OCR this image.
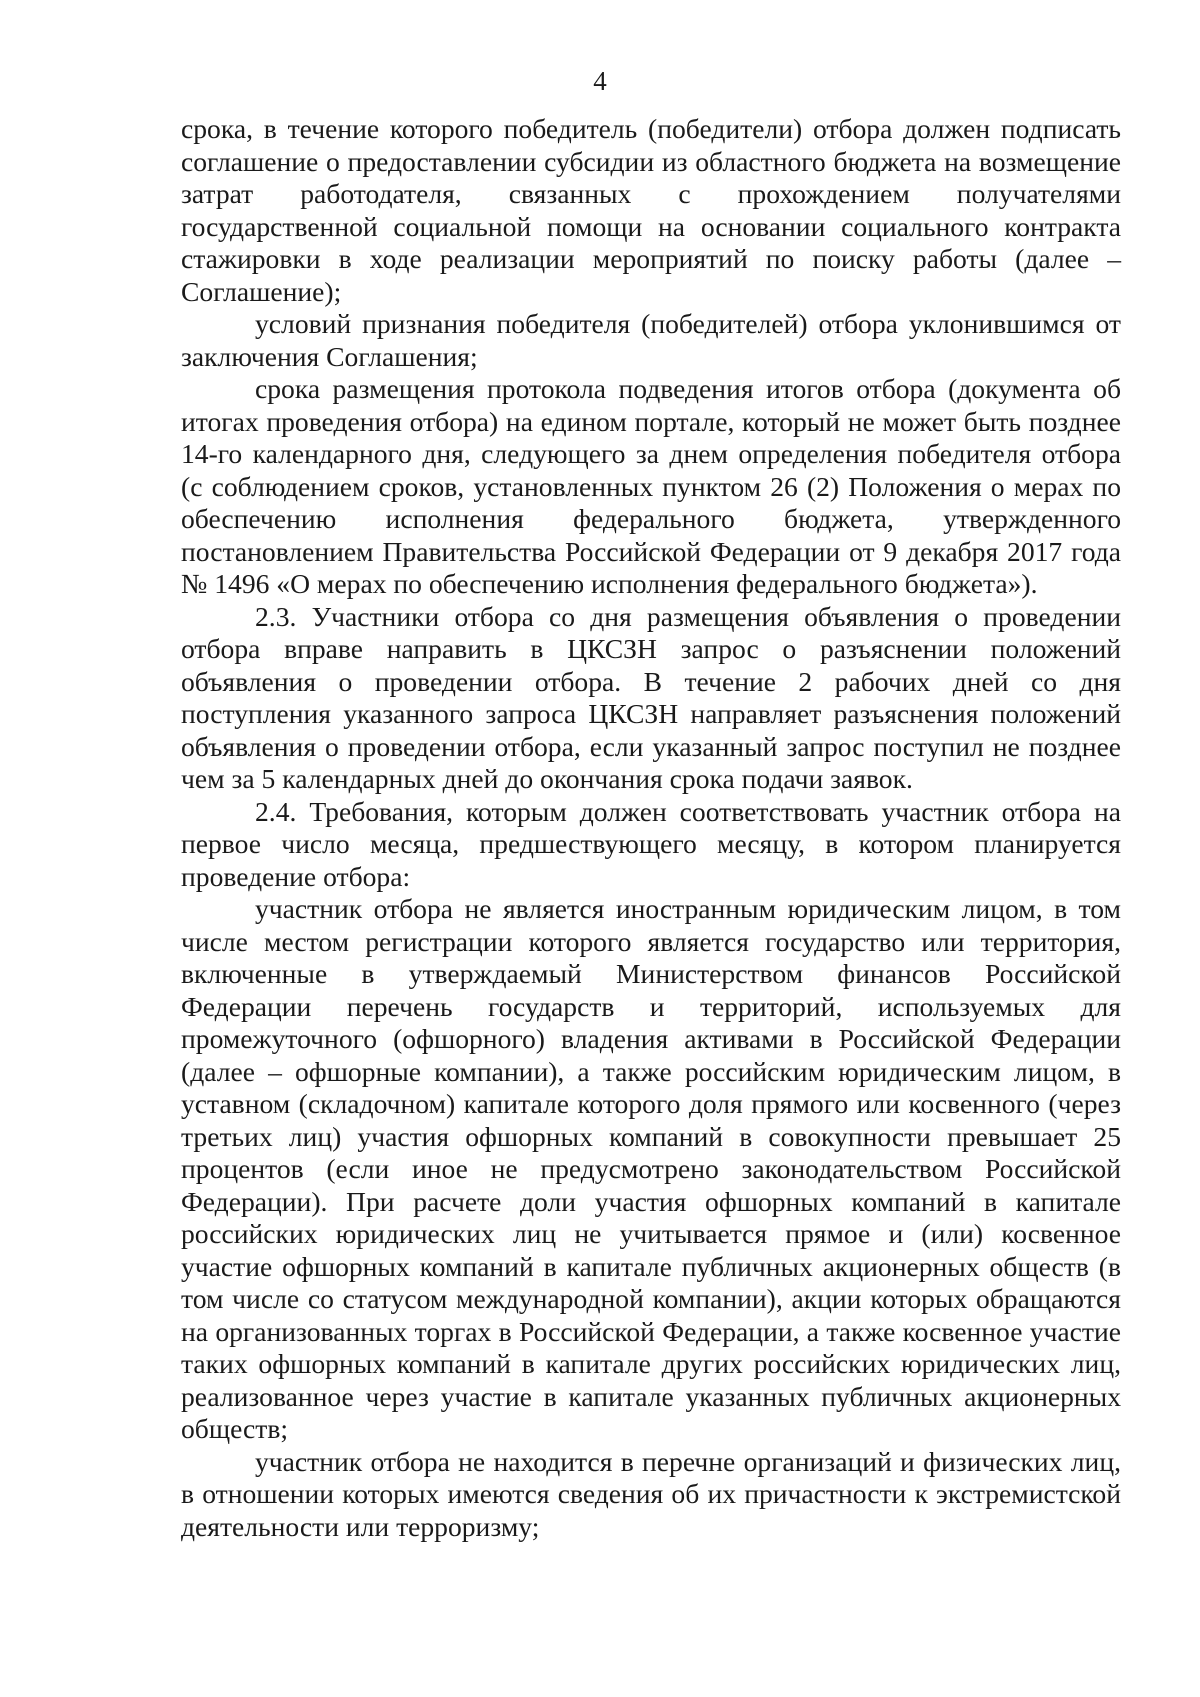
4

срока, в течение которого победитель (победители) отбора должен подписать соглашение о предоставлении субсидии из областного бюджета на возмещение затрат работодателя, связанных с прохождением получателями государственной социальной помощи на основании социального контракта стажировки в ходе реализации мероприятий по поиску работы (далее – Соглашение);

условий признания победителя (победителей) отбора уклонившимся от заключения Соглашения;

срока размещения протокола подведения итогов отбора (документа об итогах проведения отбора) на едином портале, который не может быть позднее 14-го календарного дня, следующего за днем определения победителя отбора (с соблюдением сроков, установленных пунктом 26 (2) Положения о мерах по обеспечению исполнения федерального бюджета, утвержденного постановлением Правительства Российской Федерации от 9 декабря 2017 года № 1496 «О мерах по обеспечению исполнения федерального бюджета»).

2.3. Участники отбора со дня размещения объявления о проведении отбора вправе направить в ЦКСЗН запрос о разъяснении положений объявления о проведении отбора. В течение 2 рабочих дней со дня поступления указанного запроса ЦКСЗН направляет разъяснения положений объявления о проведении отбора, если указанный запрос поступил не позднее чем за 5 календарных дней до окончания срока подачи заявок.

2.4. Требования, которым должен соответствовать участник отбора на первое число месяца, предшествующего месяцу, в котором планируется проведение отбора:

участник отбора не является иностранным юридическим лицом, в том числе местом регистрации которого является государство или территория, включенные в утверждаемый Министерством финансов Российской Федерации перечень государств и территорий, используемых для промежуточного (офшорного) владения активами в Российской Федерации (далее – офшорные компании), а также российским юридическим лицом, в уставном (складочном) капитале которого доля прямого или косвенного (через третьих лиц) участия офшорных компаний в совокупности превышает 25 процентов (если иное не предусмотрено законодательством Российской Федерации). При расчете доли участия офшорных компаний в капитале российских юридических лиц не учитывается прямое и (или) косвенное участие офшорных компаний в капитале публичных акционерных обществ (в том числе со статусом международной компании), акции которых обращаются на организованных торгах в Российской Федерации, а также косвенное участие таких офшорных компаний в капитале других российских юридических лиц, реализованное через участие в капитале указанных публичных акционерных обществ;

участник отбора не находится в перечне организаций и физических лиц, в отношении которых имеются сведения об их причастности к экстремистской деятельности или терроризму;
